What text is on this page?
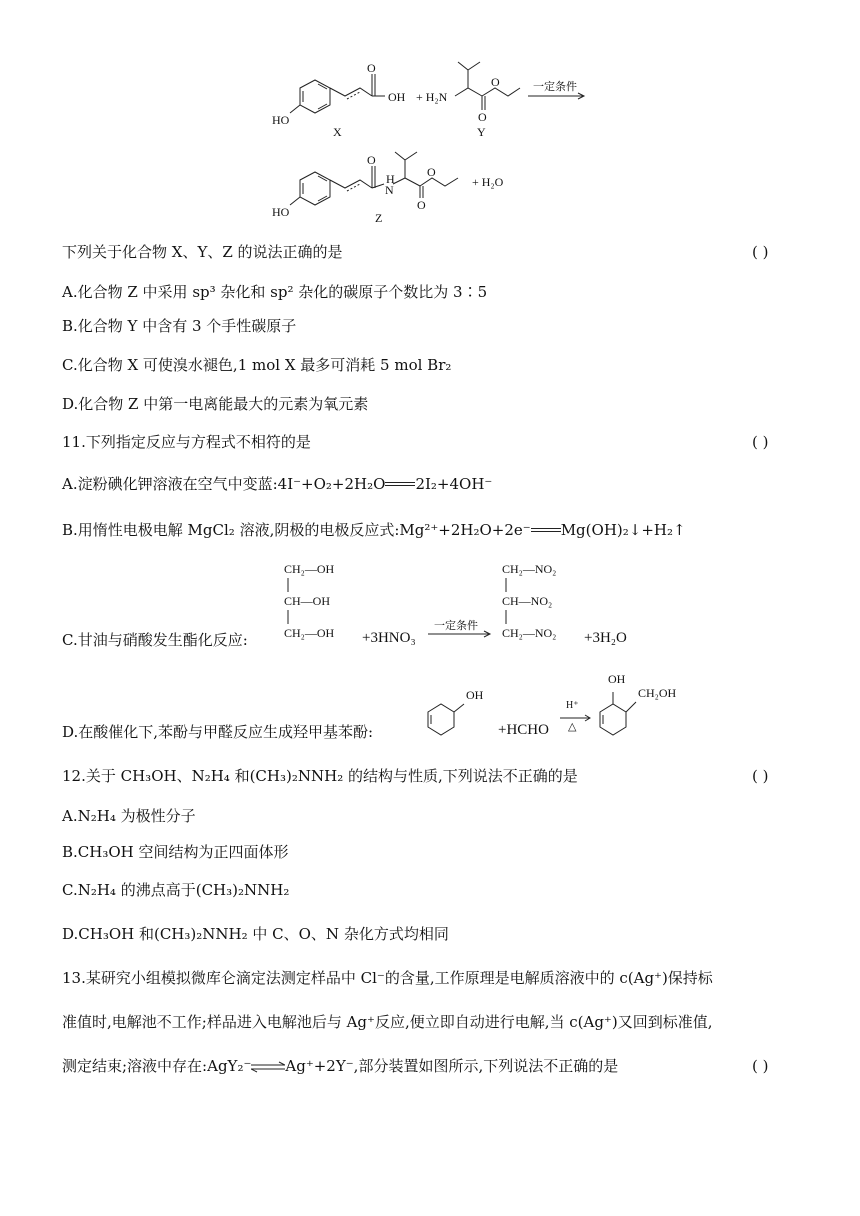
HO
O
OH
X
+ H₂N
O
O
Y
一定条件
HO
O
N
H
O
O
+ H₂O
Z
下列关于化合物 X、Y、Z 的说法正确的是	( )
A.化合物 Z 中采用 sp³ 杂化和 sp² 杂化的碳原子个数比为 3∶5
B.化合物 Y 中含有 3 个手性碳原子
C.化合物 X 可使溴水褪色,1 mol X 最多可消耗 5 mol Br₂
D.化合物 Z 中第一电离能最大的元素为氧元素
11.下列指定反应与方程式不相符的是	( )
A.淀粉碘化钾溶液在空气中变蓝:4I⁻+O₂+2H₂O 2I₂+4OH⁻
B.用惰性电极电解 MgCl₂ 溶液,阴极的电极反应式:Mg²⁺+2H₂O+2e⁻ Mg(OH)₂↓+H₂↑
C.甘油与硝酸发生酯化反应:
CH₂—OH
CH—OH
CH₂—OH +3HNO₃
一定条件
CH₂—NO₂
CH—NO₂
CH₂—NO₂ +3H₂O
D.在酸催化下,苯酚与甲醛反应生成羟甲基苯酚:
OH
+HCHO
H⁺
△
OH
CH₂OH
12.关于 CH₃OH、N₂H₄ 和(CH₃)₂NNH₂ 的结构与性质,下列说法不正确的是	( )
A.N₂H₄ 为极性分子
B.CH₃OH 空间结构为正四面体形
C.N₂H₄ 的沸点高于(CH₃)₂NNH₂
D.CH₃OH 和(CH₃)₂NNH₂ 中 C、O、N 杂化方式均相同
13.某研究小组模拟微库仑滴定法测定样品中 Cl⁻的含量,工作原理是电解质溶液中的 c(Ag⁺)保持标
准值时,电解池不工作;样品进入电解池后与 Ag⁺反应,便立即自动进行电解,当 c(Ag⁺)又回到标准值,
测定结束;溶液中存在:AgY₂⁻⇌Ag⁺+2Y⁻,部分装置如图所示,下列说法不正确的是	( )
